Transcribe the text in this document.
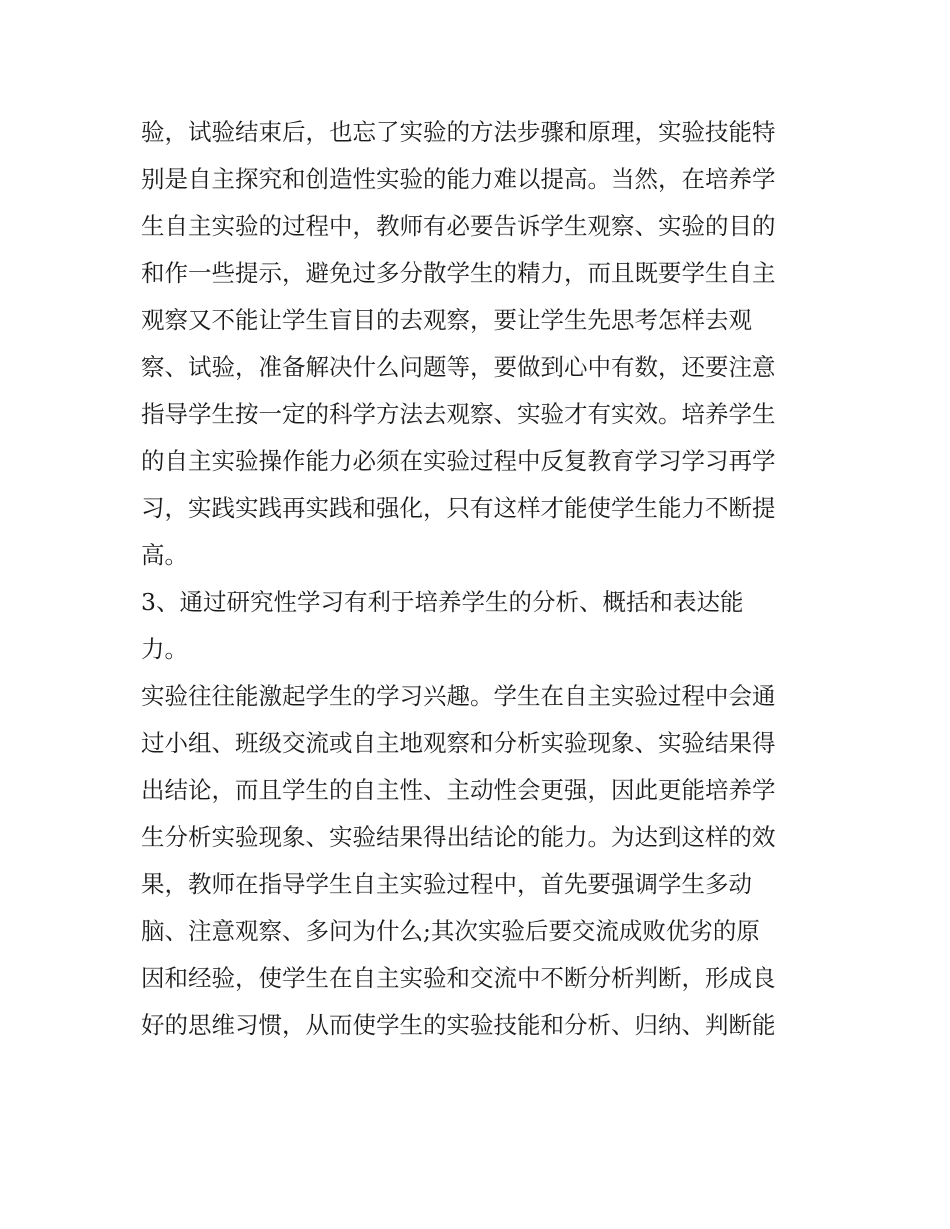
验，试验结束后，也忘了实验的方法步骤和原理，实验技能特
别是自主探究和创造性实验的能力难以提高。当然，在培养学
生自主实验的过程中，教师有必要告诉学生观察、实验的目的
和作一些提示，避免过多分散学生的精力，而且既要学生自主
观察又不能让学生盲目的去观察，要让学生先思考怎样去观
察、试验，准备解决什么问题等，要做到心中有数，还要注意
指导学生按一定的科学方法去观察、实验才有实效。培养学生
的自主实验操作能力必须在实验过程中反复教育学习学习再学
习，实践实践再实践和强化，只有这样才能使学生能力不断提
高。
3、通过研究性学习有利于培养学生的分析、概括和表达能
力。
实验往往能激起学生的学习兴趣。学生在自主实验过程中会通
过小组、班级交流或自主地观察和分析实验现象、实验结果得
出结论，而且学生的自主性、主动性会更强，因此更能培养学
生分析实验现象、实验结果得出结论的能力。为达到这样的效
果，教师在指导学生自主实验过程中，首先要强调学生多动
脑、注意观察、多问为什么;其次实验后要交流成败优劣的原
因和经验，使学生在自主实验和交流中不断分析判断，形成良
好的思维习惯，从而使学生的实验技能和分析、归纳、判断能
